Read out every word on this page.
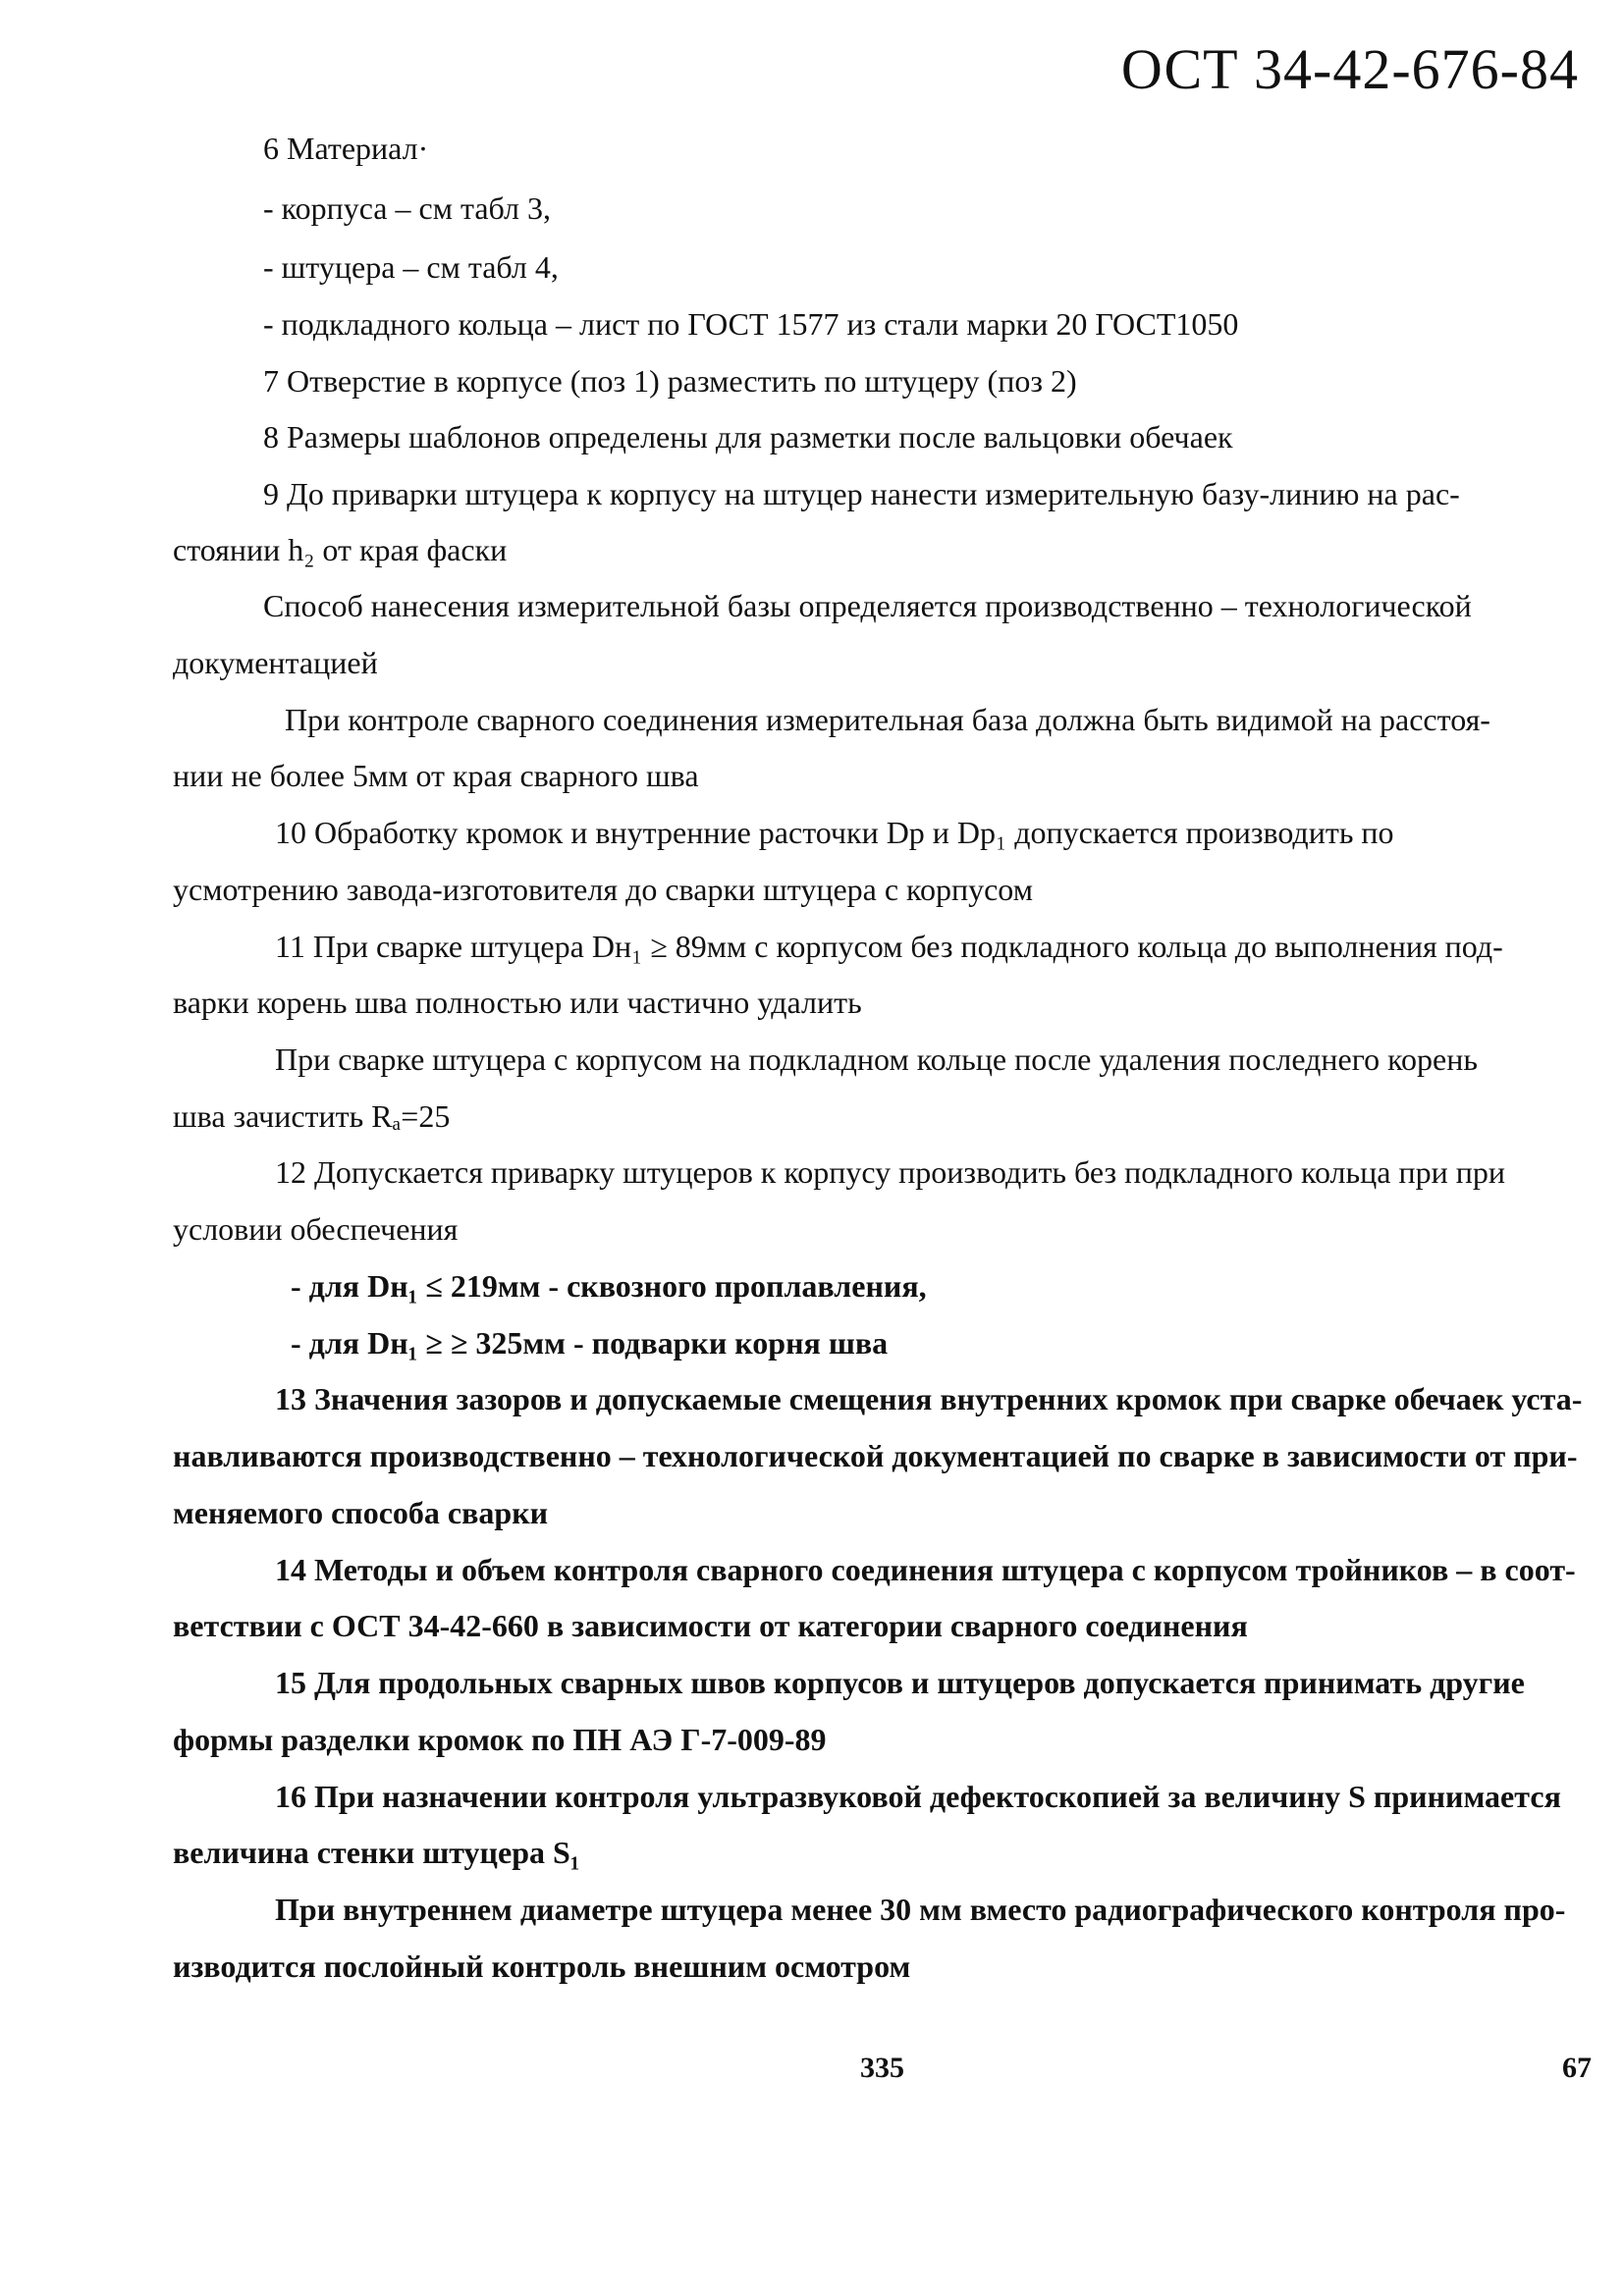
ОСТ 34-42-676-84
6 Материал·
- корпуса – см табл 3,
- штуцера – см табл 4,
- подкладного кольца – лист по ГОСТ 1577 из стали марки 20 ГОСТ1050
7 Отверстие в корпусе (поз 1) разместить по штуцеру (поз 2)
8 Размеры шаблонов определены для разметки после вальцовки обечаек
9 До приварки штуцера к корпусу на штуцер нанести измерительную базу-линию на рас-
стоянии h₂ от края фаски
Способ нанесения измерительной базы определяется производственно – технологической
документацией
При контроле сварного соединения измерительная база должна быть видимой на расстоя-
нии не более 5мм от края сварного шва
10 Обработку кромок и внутренние расточки Dp и Dp₁ допускается производить по
усмотрению завода-изготовителя до сварки штуцера с корпусом
11 При сварке штуцера Dн₁ ≥ 89мм с корпусом без подкладного кольца до выполнения под-
варки корень шва полностью или частично удалить
При сварке штуцера с корпусом на подкладном кольце после удаления последнего корень
шва зачистить Rₐ=25
12 Допускается приварку штуцеров к корпусу производить без подкладного кольца при при
условии обеспечения
- для Dн₁ ≤ 219мм - сквозного проплавления,
- для Dн₁ ≥ ≥ 325мм - подварки корня шва
13 Значения зазоров и допускаемые смещения внутренних кромок при сварке обечаек уста-
навливаются производственно – технологической документацией по сварке в зависимости от при-
меняемого способа сварки
14 Методы и объем контроля сварного соединения штуцера с корпусом тройников – в соот-
ветствии с ОСТ 34-42-660 в зависимости от категории сварного соединения
15 Для продольных сварных швов корпусов и штуцеров допускается принимать другие
формы разделки кромок по ПН АЭ Г-7-009-89
16 При назначении контроля ультразвуковой дефектоскопией за величину S принимается
величина стенки штуцера S₁
При внутреннем диаметре штуцера менее 30 мм вместо радиографического контроля про-
изводится послойный контроль внешним осмотром
335	67
